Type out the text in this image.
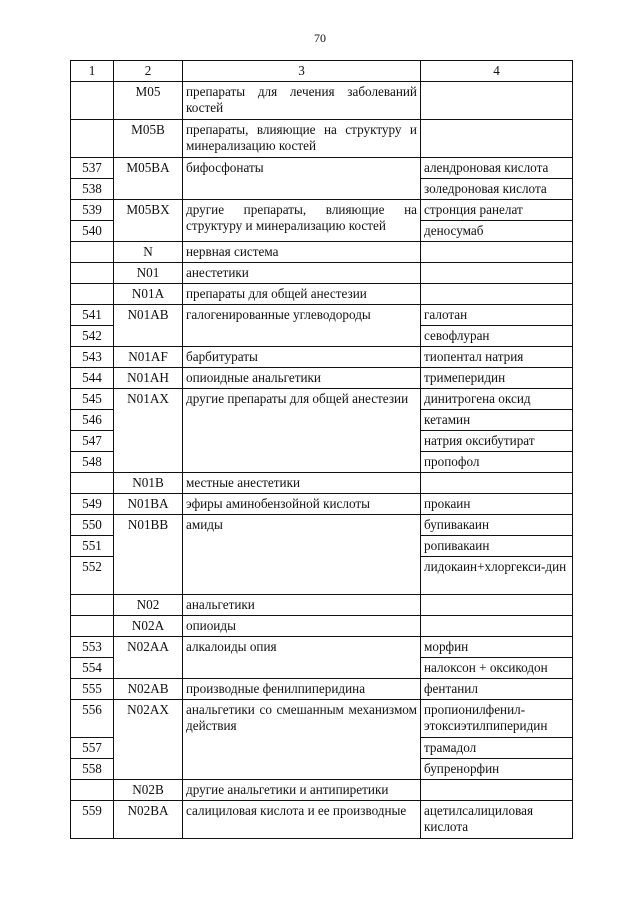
70
1	2	3	4
	M05	препараты для лечения заболеваний костей	
	M05B	препараты, влияющие на структуру и минерализацию костей	
537	M05BA	бифосфонаты	алендроновая кислота
538			золедроновая кислота
539	M05BX	другие препараты, влияющие на структуру и минерализацию костей	стронция ранелат
540			деносумаб
	N	нервная система	
	N01	анестетики	
	N01A	препараты для общей анестезии	
541	N01AB	галогенированные углеводороды	галотан
542			севофлуран
543	N01AF	барбитураты	тиопентал натрия
544	N01AH	опиоидные анальгетики	тримеперидин
545	N01AX	другие препараты для общей анестезии	динитрогена оксид
546			кетамин
547			натрия оксибутират
548			пропофол
	N01B	местные анестетики	
549	N01BA	эфиры аминобензойной кислоты	прокаин
550	N01BB	амиды	бупивакаин
551			ропивакаин
552			лидокаин+хлоргекси-дин
	N02	анальгетики	
	N02A	опиоиды	
553	N02AA	алкалоиды опия	морфин
554			налоксон + оксикодон
555	N02AB	производные фенилпиперидина	фентанил
556	N02AX	анальгетики со смешанным механизмом действия	пропионилфенил-этоксиэтилпиперидин
557			трамадол
558			бупренорфин
	N02B	другие анальгетики и антипиретики	
559	N02BA	салициловая кислота и ее производные	ацетилсалициловая кислота
